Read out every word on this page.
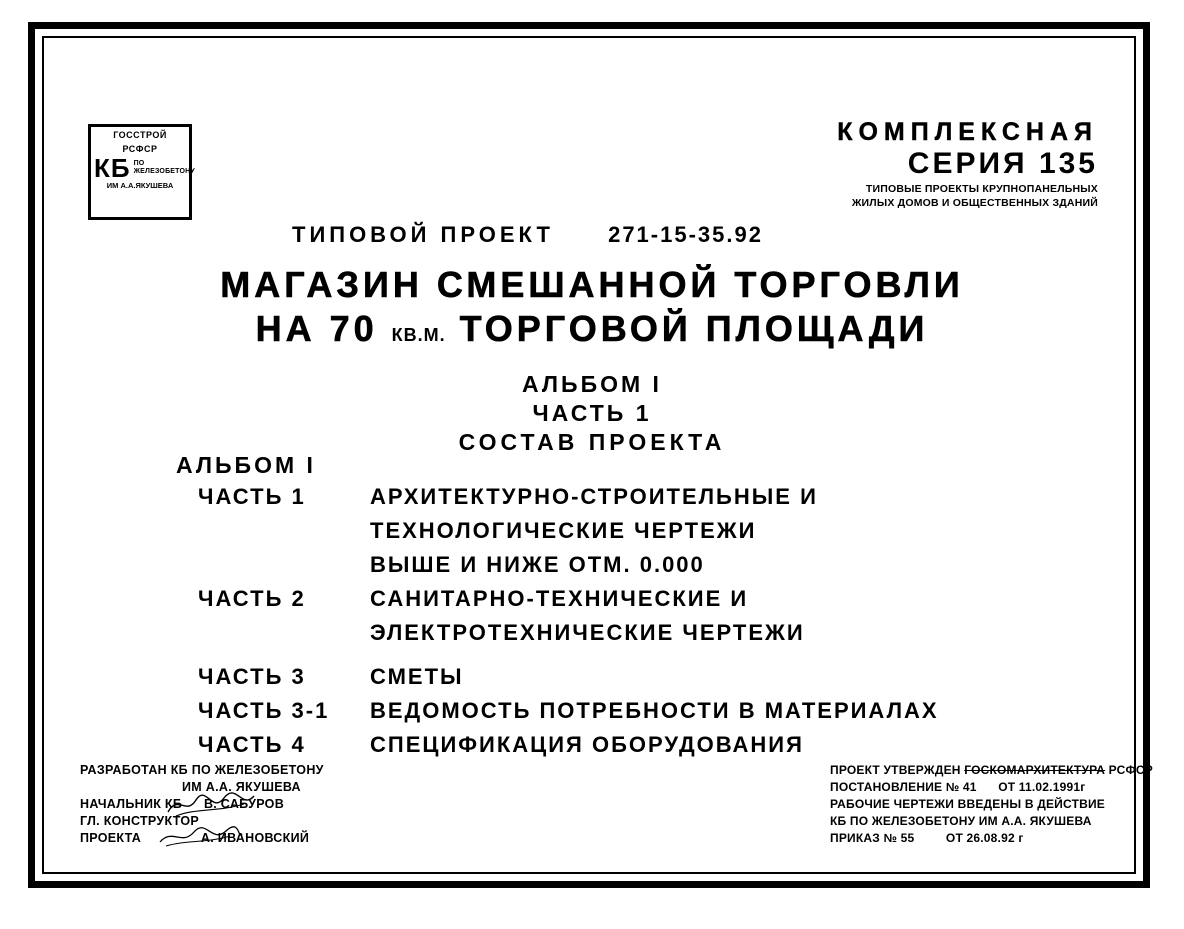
ГОССТРОЙ
РСФСР
КБ ПО ЖЕЛЕЗОБЕТОНУ
ИМ А.А.ЯКУШЕВА
КОМПЛЕКСНАЯ
СЕРИЯ 135
ТИПОВЫЕ ПРОЕКТЫ КРУПНОПАНЕЛЬНЫХ
ЖИЛЫХ ДОМОВ И ОБЩЕСТВЕННЫХ ЗДАНИЙ
ТИПОВОЙ ПРОЕКТ 271-15-35.92
МАГАЗИН СМЕШАННОЙ ТОРГОВЛИ
НА 70 КВ.М. ТОРГОВОЙ ПЛОЩАДИ
АЛЬБОМ I
ЧАСТЬ 1
СОСТАВ ПРОЕКТА
АЛЬБОМ I
ЧАСТЬ 1	АРХИТЕКТУРНО-СТРОИТЕЛЬНЫЕ И
ТЕХНОЛОГИЧЕСКИЕ ЧЕРТЕЖИ
ВЫШЕ И НИЖЕ ОТМ. 0.000
ЧАСТЬ 2	САНИТАРНО-ТЕХНИЧЕСКИЕ И
ЭЛЕКТРОТЕХНИЧЕСКИЕ ЧЕРТЕЖИ
ЧАСТЬ 3	СМЕТЫ
ЧАСТЬ 3-1	ВЕДОМОСТЬ ПОТРЕБНОСТИ В МАТЕРИАЛАХ
ЧАСТЬ 4	СПЕЦИФИКАЦИЯ ОБОРУДОВАНИЯ
РАЗРАБОТАН КБ ПО ЖЕЛЕЗОБЕТОНУ
ИМ А.А. ЯКУШЕВА
НАЧАЛЬНИК КБ В. САБУРОВ
ГЛ. КОНСТРУКТОР
ПРОЕКТА	А. ИВАНОВСКИЙ
ПРОЕКТ УТВЕРЖДЕН ГОСКОМАРХИТЕКТУРА РСФСР
ПОСТАНОВЛЕНИЕ № 41 ОТ 11.02.1991г
РАБОЧИЕ ЧЕРТЕЖИ ВВЕДЕНЫ В ДЕЙСТВИЕ
КБ ПО ЖЕЛЕЗОБЕТОНУ ИМ А.А. ЯКУШЕВА
ПРИКАЗ № 55	ОТ 26.08.92 г
